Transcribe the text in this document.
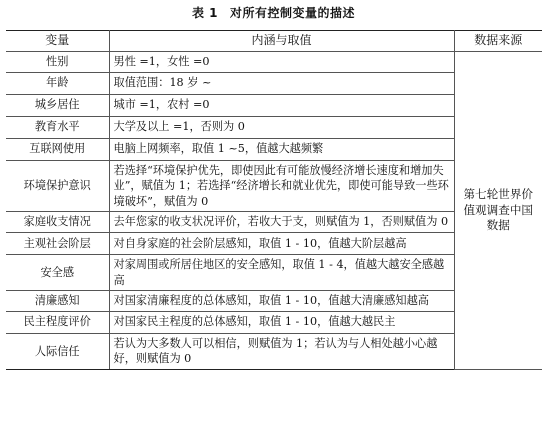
表 1 对所有控制变量的描述
变量	内涵与取值	数据来源
性别	男性 =1，女性 =0	第七轮世界价值观调查中国数据
年龄	取值范围：18 岁 ~	
城乡居住	城市 =1，农村 =0	
教育水平	大学及以上 =1，否则为 0	
互联网使用	电脑上网频率，取值 1 ~5，值越大越频繁	
环境保护意识	若选择“环境保护优先，即使因此有可能放慢经济增长速度和增加失业”，赋值为 1；若选择“经济增长和就业优先，即使可能导致一些环境破坏”，赋值为 0	
家庭收支情况	去年您家的收支状况评价，若收大于支，则赋值为 1，否则赋值为 0	
主观社会阶层	对自身家庭的社会阶层感知，取值 1 - 10，值越大阶层越高	
安全感	对家周围或所居住地区的安全感知，取值 1 - 4，值越大越安全感越高	
清廉感知	对国家清廉程度的总体感知，取值 1 - 10，值越大清廉感知越高	
民主程度评价	对国家民主程度的总体感知，取值 1 - 10，值越大越民主	
人际信任	若认为大多数人可以相信，则赋值为 1；若认为与人相处越小心越好，则赋值为 0	
